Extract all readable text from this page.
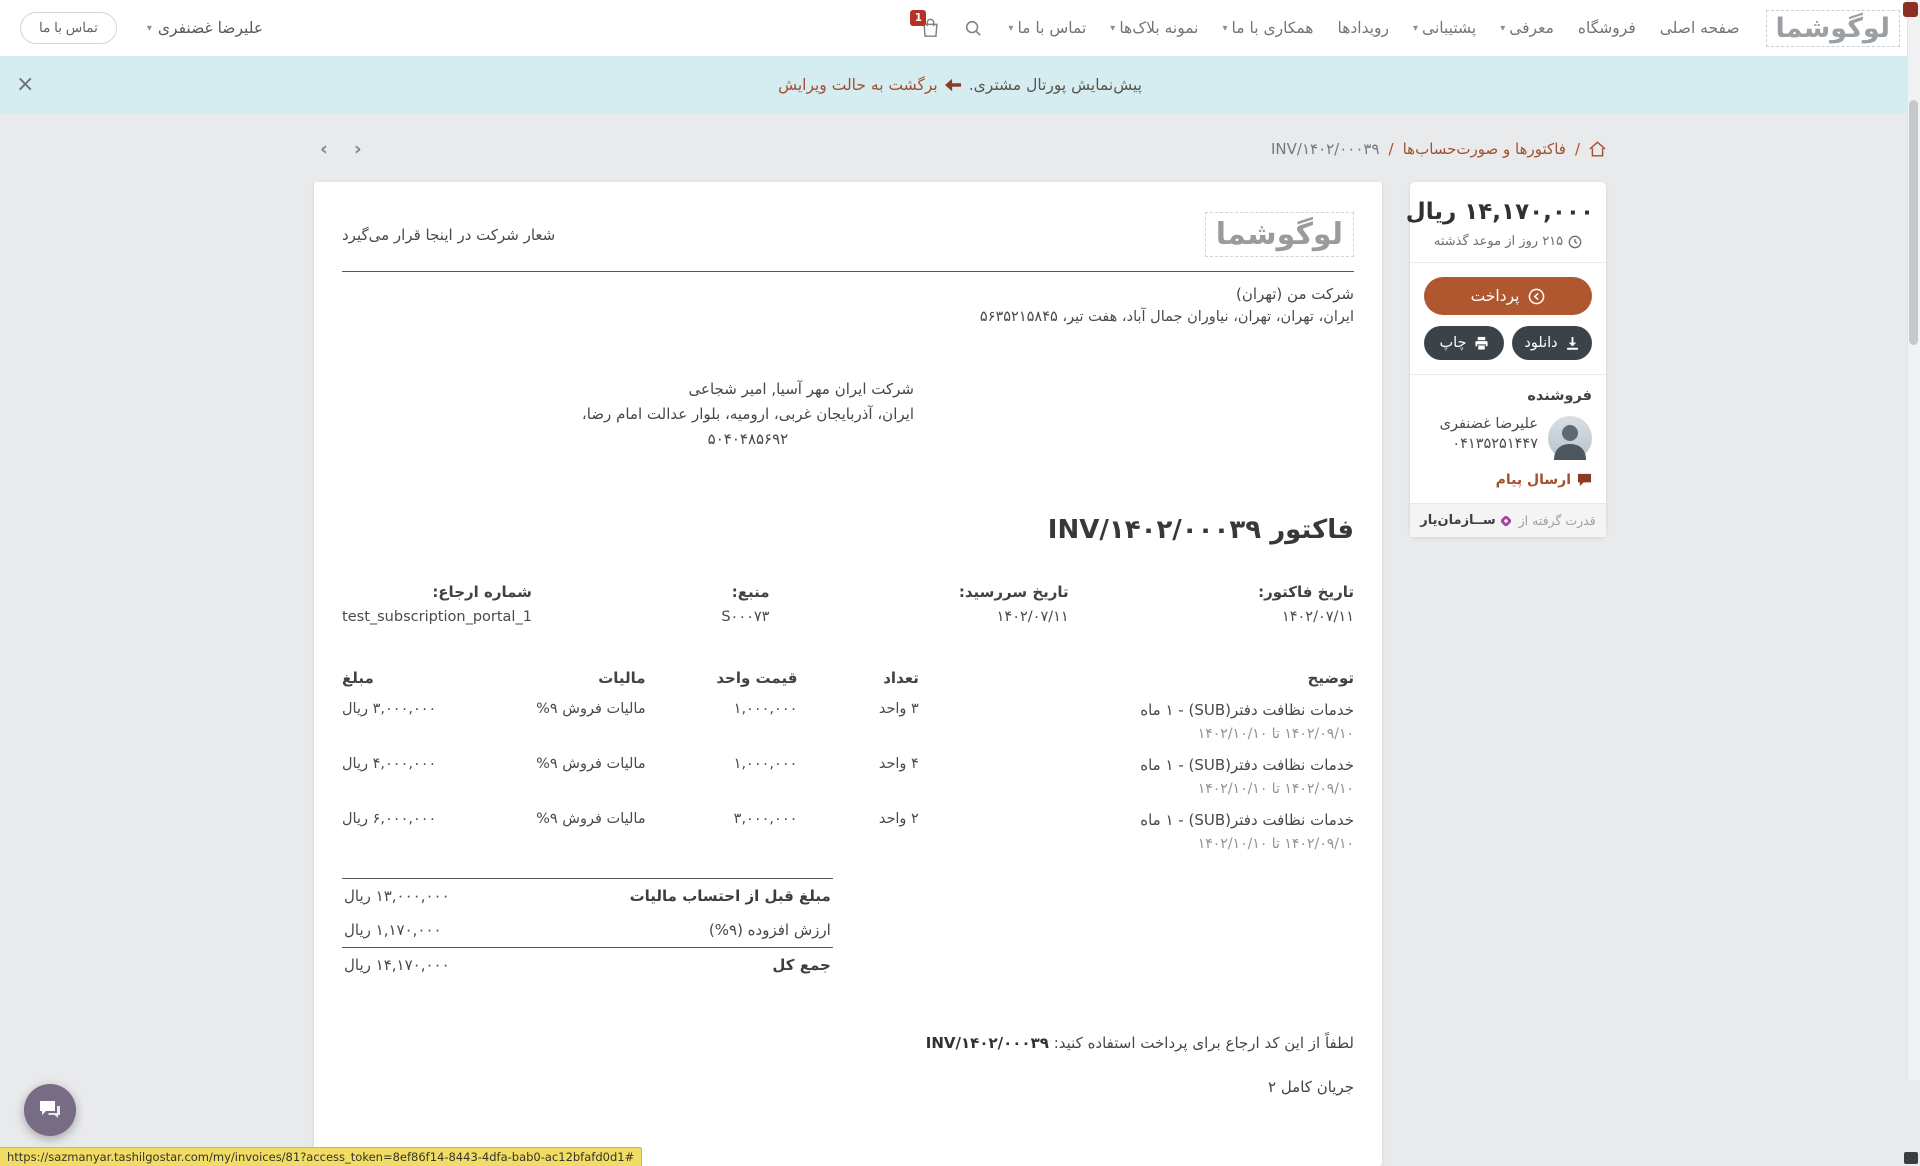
لوگوشما
صفحه اصلی
فروشگاه
معرفی
▾
پشتیبانی
▾
رویدادها
همکاری با ما
▾
نمونه بلاک‌ها
▾
تماس با ما
▾
1
علیرضا غضنفری
▾
تماس با ما
پیش‌نمایش پورتال مشتری.
برگشت به حالت ویرایش
×
/
فاکتورها و صورت‌حساب‌ها
/
INV/۱۴۰۲/۰۰۰۳۹
‹	›
۱۴,۱۷۰,۰۰۰ ریال
۲۱۵ روز از موعد گذشته
پرداخت
دانلود
چاپ
فروشنده
علیرضا غضنفری
۰۴۱۳۵۲۵۱۴۴۷
ارسال پیام
قدرت گرفته از
ســازمان‌یار
لوگوشما
شعار شرکت در اینجا قرار می‌گیرد
شرکت من (تهران)
ایران، تهران، تهران، نیاوران جمال آباد، هفت تیر، ۵۶۳۵۲۱۵۸۴۵
شرکت ایران مهر آسیا, امیر شجاعی
ایران، آذربایجان غربی، ارومیه، بلوار عدالت امام رضا،
۵۰۴۰۴۸۵۶۹۲
فاکتور INV/۱۴۰۲/۰۰۰۳۹
تاریخ فاکتور:
۱۴۰۲/۰۷/۱۱
تاریخ سررسید:
۱۴۰۲/۰۷/۱۱
منبع:
S۰۰۰۷۳
شماره ارجاع:
test_subscription_portal_1
توضیح	تعداد	قیمت واحد	مالیات	مبلغ

خدمات نظافت دفتر(SUB) - ۱ ماه
۱۴۰۲/۰۹/۱۰ تا ۱۴۰۲/۱۰/۱۰	۳ واحد	۱,۰۰۰,۰۰۰	مالیات فروش ۹%	۳,۰۰۰,۰۰۰ ریال

خدمات نظافت دفتر(SUB) - ۱ ماه
۱۴۰۲/۰۹/۱۰ تا ۱۴۰۲/۱۰/۱۰	۴ واحد	۱,۰۰۰,۰۰۰	مالیات فروش ۹%	۴,۰۰۰,۰۰۰ ریال

خدمات نظافت دفتر(SUB) - ۱ ماه
۱۴۰۲/۰۹/۱۰ تا ۱۴۰۲/۱۰/۱۰	۲ واحد	۳,۰۰۰,۰۰۰	مالیات فروش ۹%	۶,۰۰۰,۰۰۰ ریال
مبلغ قبل از احتساب مالیات
۱۳,۰۰۰,۰۰۰ ریال
ارزش افزوده (۹%)
۱,۱۷۰,۰۰۰ ریال
جمع کل
۱۴,۱۷۰,۰۰۰ ریال

لطفاً از این کد ارجاع برای پرداخت استفاده کنید: INV/۱۴۰۲/۰۰۰۳۹

جریان کامل ۲

https://sazmanyar.tashilgostar.com/my/invoices/81?access_token=8ef86f14-8443-4dfa-bab0-ac12bfafd0d1#
